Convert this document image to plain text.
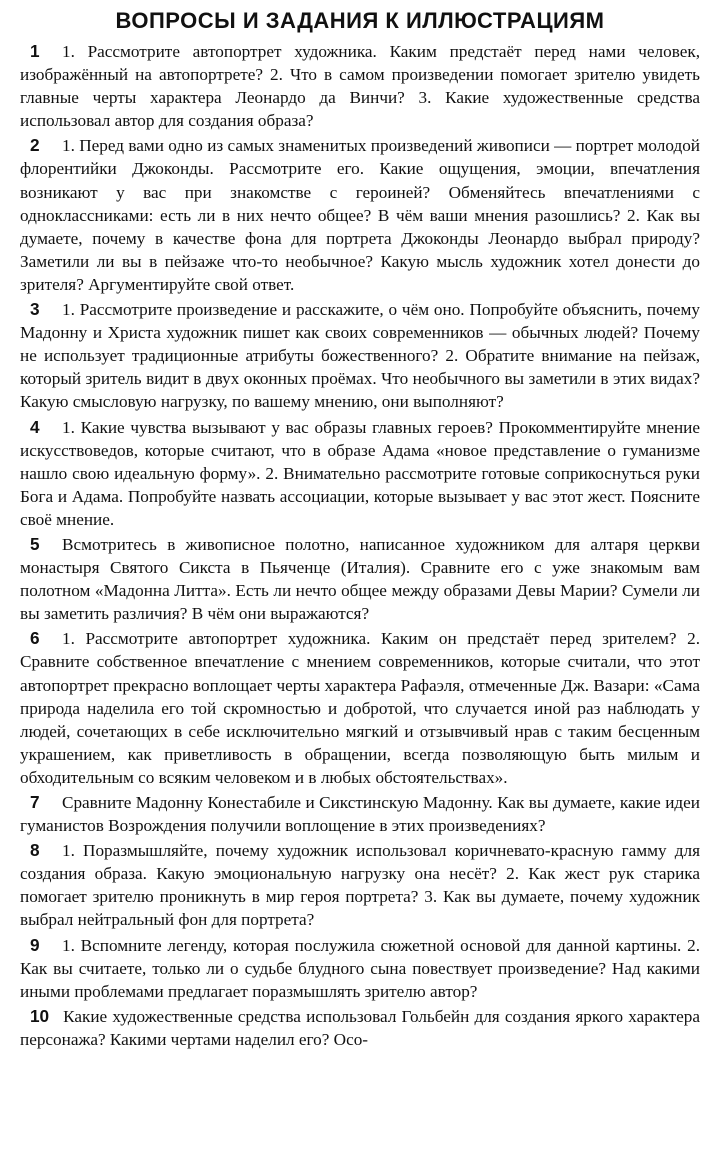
ВОПРОСЫ И ЗАДАНИЯ К ИЛЛЮСТРАЦИЯМ

1 1. Рассмотрите автопортрет художника. Каким предстаёт перед нами человек, изображённый на автопортрете? 2. Что в самом произведении помогает зрителю увидеть главные черты характера Леонардо да Винчи? 3. Какие художественные средства использовал автор для создания образа?

2 1. Перед вами одно из самых знаменитых произведений живописи — портрет молодой флорентийки Джоконды. Рассмотрите его. Какие ощущения, эмоции, впечатления возникают у вас при знакомстве с героиней? Обменяйтесь впечатлениями с одноклассниками: есть ли в них нечто общее? В чём ваши мнения разошлись? 2. Как вы думаете, почему в качестве фона для портрета Джоконды Леонардо выбрал природу? Заметили ли вы в пейзаже что-то необычное? Какую мысль художник хотел донести до зрителя? Аргументируйте свой ответ.

3 1. Рассмотрите произведение и расскажите, о чём оно. Попробуйте объяснить, почему Мадонну и Христа художник пишет как своих современников — обычных людей? Почему не использует традиционные атрибуты божественного? 2. Обратите внимание на пейзаж, который зритель видит в двух оконных проёмах. Что необычного вы заметили в этих видах? Какую смысловую нагрузку, по вашему мнению, они выполняют?

4 1. Какие чувства вызывают у вас образы главных героев? Прокомментируйте мнение искусствоведов, которые считают, что в образе Адама «новое представление о гуманизме нашло свою идеальную форму». 2. Внимательно рассмотрите готовые соприкоснуться руки Бога и Адама. Попробуйте назвать ассоциации, которые вызывает у вас этот жест. Поясните своё мнение.

5 Всмотритесь в живописное полотно, написанное художником для алтаря церкви монастыря Святого Сикста в Пьяченце (Италия). Сравните его с уже знакомым вам полотном «Мадонна Литта». Есть ли нечто общее между образами Девы Марии? Сумели ли вы заметить различия? В чём они выражаются?

6 1. Рассмотрите автопортрет художника. Каким он предстаёт перед зрителем? 2. Сравните собственное впечатление с мнением современников, которые считали, что этот автопортрет прекрасно воплощает черты характера Рафаэля, отмеченные Дж. Вазари: «Сама природа наделила его той скромностью и добротой, что случается иной раз наблюдать у людей, сочетающих в себе исключительно мягкий и отзывчивый нрав с таким бесценным украшением, как приветливость в обращении, всегда позволяющую быть милым и обходительным со всяким человеком и в любых обстоятельствах».

7 Сравните Мадонну Конестабиле и Сикстинскую Мадонну. Как вы думаете, какие идеи гуманистов Возрождения получили воплощение в этих произведениях?

8 1. Поразмышляйте, почему художник использовал коричневато-красную гамму для создания образа. Какую эмоциональную нагрузку она несёт? 2. Как жест рук старика помогает зрителю проникнуть в мир героя портрета? 3. Как вы думаете, почему художник выбрал нейтральный фон для портрета?

9 1. Вспомните легенду, которая послужила сюжетной основой для данной картины. 2. Как вы считаете, только ли о судьбе блудного сына повествует произведение? Над какими иными проблемами предлагает поразмышлять зрителю автор?

10 Какие художественные средства использовал Гольбейн для создания яркого характера персонажа? Какими чертами наделил его? Осо-
